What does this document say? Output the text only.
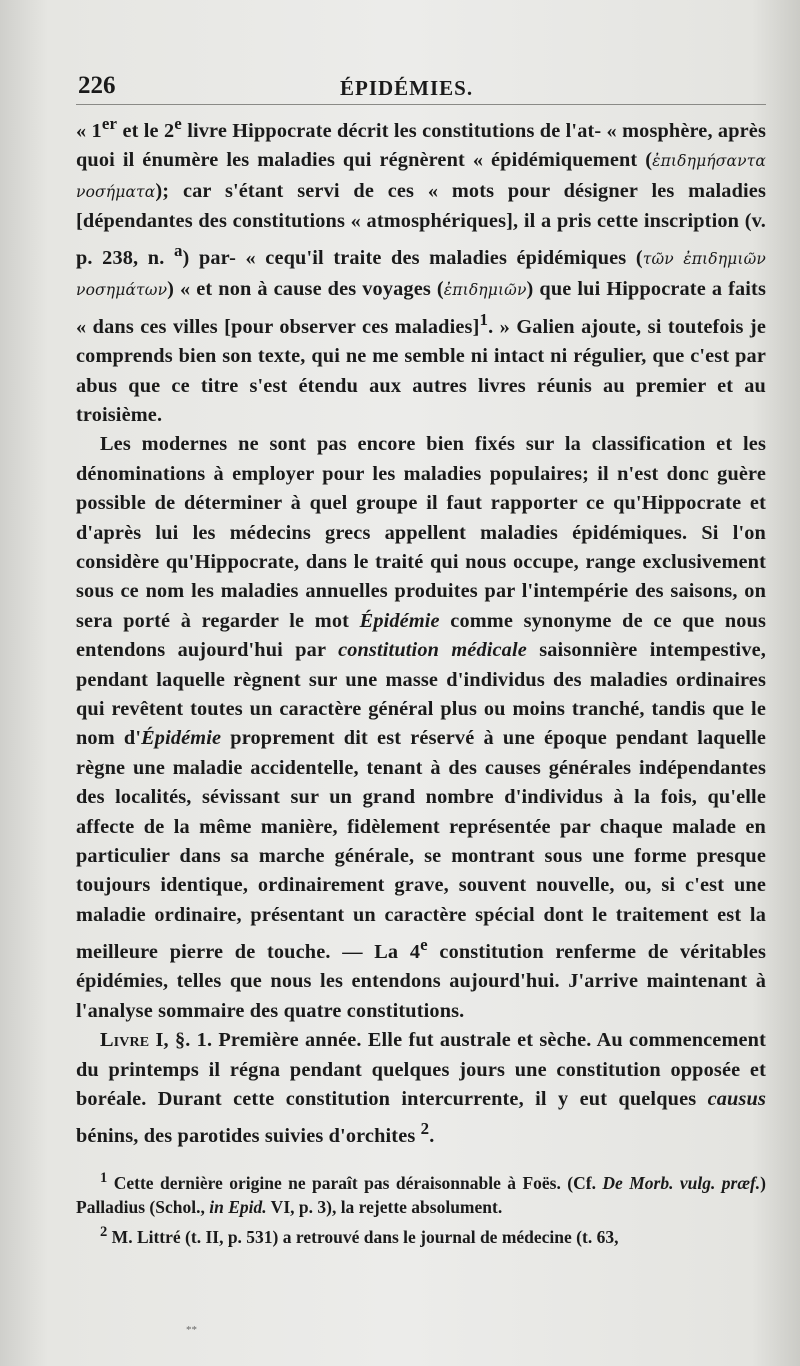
226	ÉPIDÉMIES.

« 1er et le 2e livre Hippocrate décrit les constitutions de l'at- « mosphère, après quoi il énumère les maladies qui régnèrent « épidémiquement (ἐπιδημήσαντα νοσήματα); car s'étant servi de ces « mots pour désigner les maladies [dépendantes des constitutions « atmosphériques], il a pris cette inscription (v. p. 238, n. $^a$) par- « cequ'il traite des maladies épidémiques (τῶν ἐπιδημιῶν νοσημάτων) « et non à cause des voyages (ἐπιδημιῶν) que lui Hippocrate a faits « dans ces villes [pour observer ces maladies]$^1$. » Galien ajoute, si toutefois je comprends bien son texte, qui ne me semble ni intact ni régulier, que c'est par abus que ce titre s'est étendu aux autres livres réunis au premier et au troisième.

Les modernes ne sont pas encore bien fixés sur la classification et les dénominations à employer pour les maladies populaires; il n'est donc guère possible de déterminer à quel groupe il faut rapporter ce qu'Hippocrate et d'après lui les médecins grecs appellent maladies épidémiques. Si l'on considère qu'Hippocrate, dans le traité qui nous occupe, range exclusivement sous ce nom les maladies annuelles produites par l'intempérie des saisons, on sera porté à regarder le mot Épidémie comme synonyme de ce que nous entendons aujourd'hui par constitution médicale saisonnière intempestive, pendant laquelle règnent sur une masse d'individus des maladies ordinaires qui revêtent toutes un caractère général plus ou moins tranché, tandis que le nom d'Épidémie proprement dit est réservé à une époque pendant laquelle règne une maladie accidentelle, tenant à des causes générales indépendantes des localités, sévissant sur un grand nombre d'individus à la fois, qu'elle affecte de la même manière, fidèlement représentée par chaque malade en particulier dans sa marche générale, se montrant sous une forme presque toujours identique, ordinairement grave, souvent nouvelle, ou, si c'est une maladie ordinaire, présentant un caractère spécial dont le traitement est la meilleure pierre de touche. — La 4e constitution renferme de véritables épidémies, telles que nous les entendons aujourd'hui. J'arrive maintenant à l'analyse sommaire des quatre constitutions.

Livre I, §. 1. Première année. Elle fut australe et sèche. Au commencement du printemps il régna pendant quelques jours une constitution opposée et boréale. Durant cette constitution intercurrente, il y eut quelques causus bénins, des parotides suivies d'orchites $^2$.

$^1$ Cette dernière origine ne paraît pas déraisonnable à Foës. (Cf. De Morb. vulg. præf.) Palladius (Schol., in Epid. VI, p. 3), la rejette absolument.

$^2$ M. Littré (t. II, p. 531) a retrouvé dans le journal de médecine (t. 63,

**
